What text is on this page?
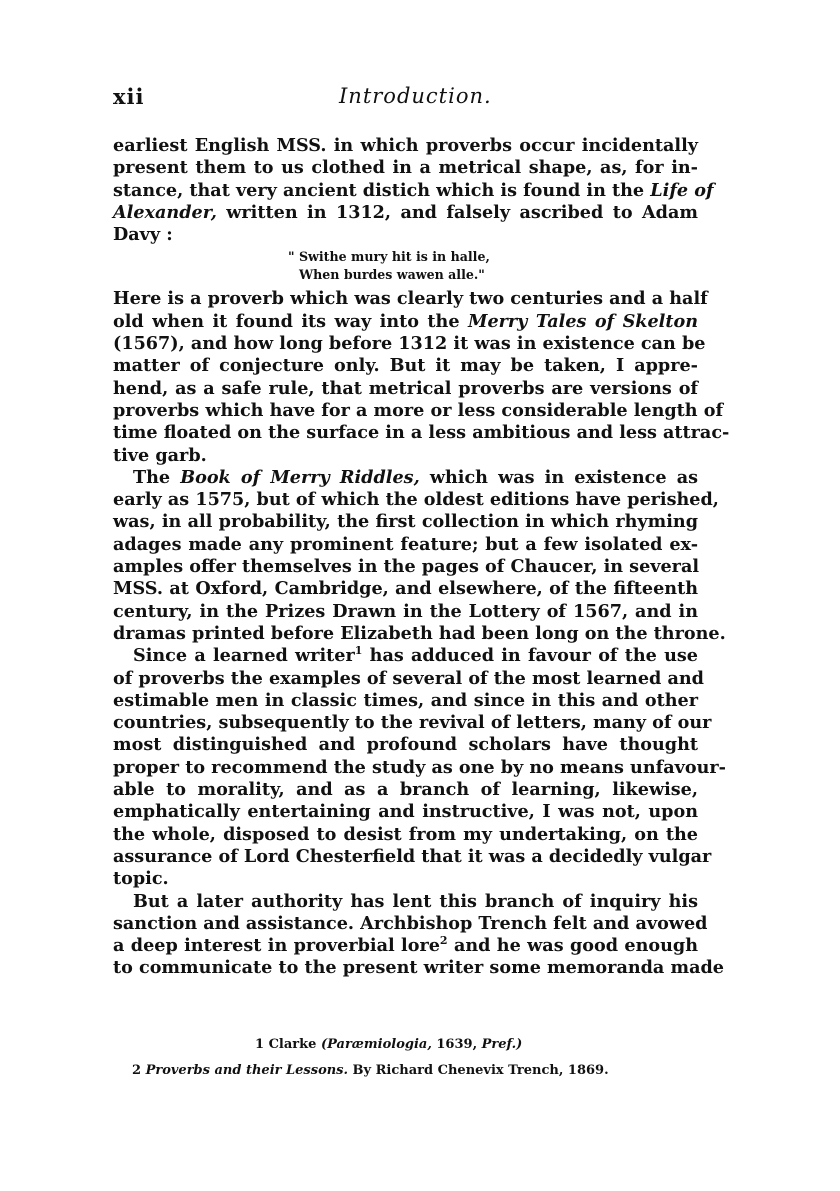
xii	Introduction.
earliest English MSS. in which proverbs occur incidentally
present them to us clothed in a metrical shape, as, for in-
stance, that very ancient distich which is found in the Life of
Alexander, written in 1312, and falsely ascribed to Adam
Davy :
" Swithe mury hit is in halle,
When burdes wawen alle."
Here is a proverb which was clearly two centuries and a half
old when it found its way into the Merry Tales of Skelton
(1567), and how long before 1312 it was in existence can be
matter of conjecture only. But it may be taken, I appre-
hend, as a safe rule, that metrical proverbs are versions of
proverbs which have for a more or less considerable length of
time floated on the surface in a less ambitious and less attrac-
tive garb.
The Book of Merry Riddles, which was in existence as
early as 1575, but of which the oldest editions have perished,
was, in all probability, the first collection in which rhyming
adages made any prominent feature; but a few isolated ex-
amples offer themselves in the pages of Chaucer, in several
MSS. at Oxford, Cambridge, and elsewhere, of the fifteenth
century, in the Prizes Drawn in the Lottery of 1567, and in
dramas printed before Elizabeth had been long on the throne.
Since a learned writer$^1$ has adduced in favour of the use
of proverbs the examples of several of the most learned and
estimable men in classic times, and since in this and other
countries, subsequently to the revival of letters, many of our
most distinguished and profound scholars have thought
proper to recommend the study as one by no means unfavour-
able to morality, and as a branch of learning, likewise,
emphatically entertaining and instructive, I was not, upon
the whole, disposed to desist from my undertaking, on the
assurance of Lord Chesterfield that it was a decidedly vulgar
topic.
But a later authority has lent this branch of inquiry his
sanction and assistance. Archbishop Trench felt and avowed
a deep interest in proverbial lore$^2$ and he was good enough
to communicate to the present writer some memoranda made
1 Clarke (Paræmiologia, 1639, Pref.)
2 Proverbs and their Lessons. By Richard Chenevix Trench, 1869.
